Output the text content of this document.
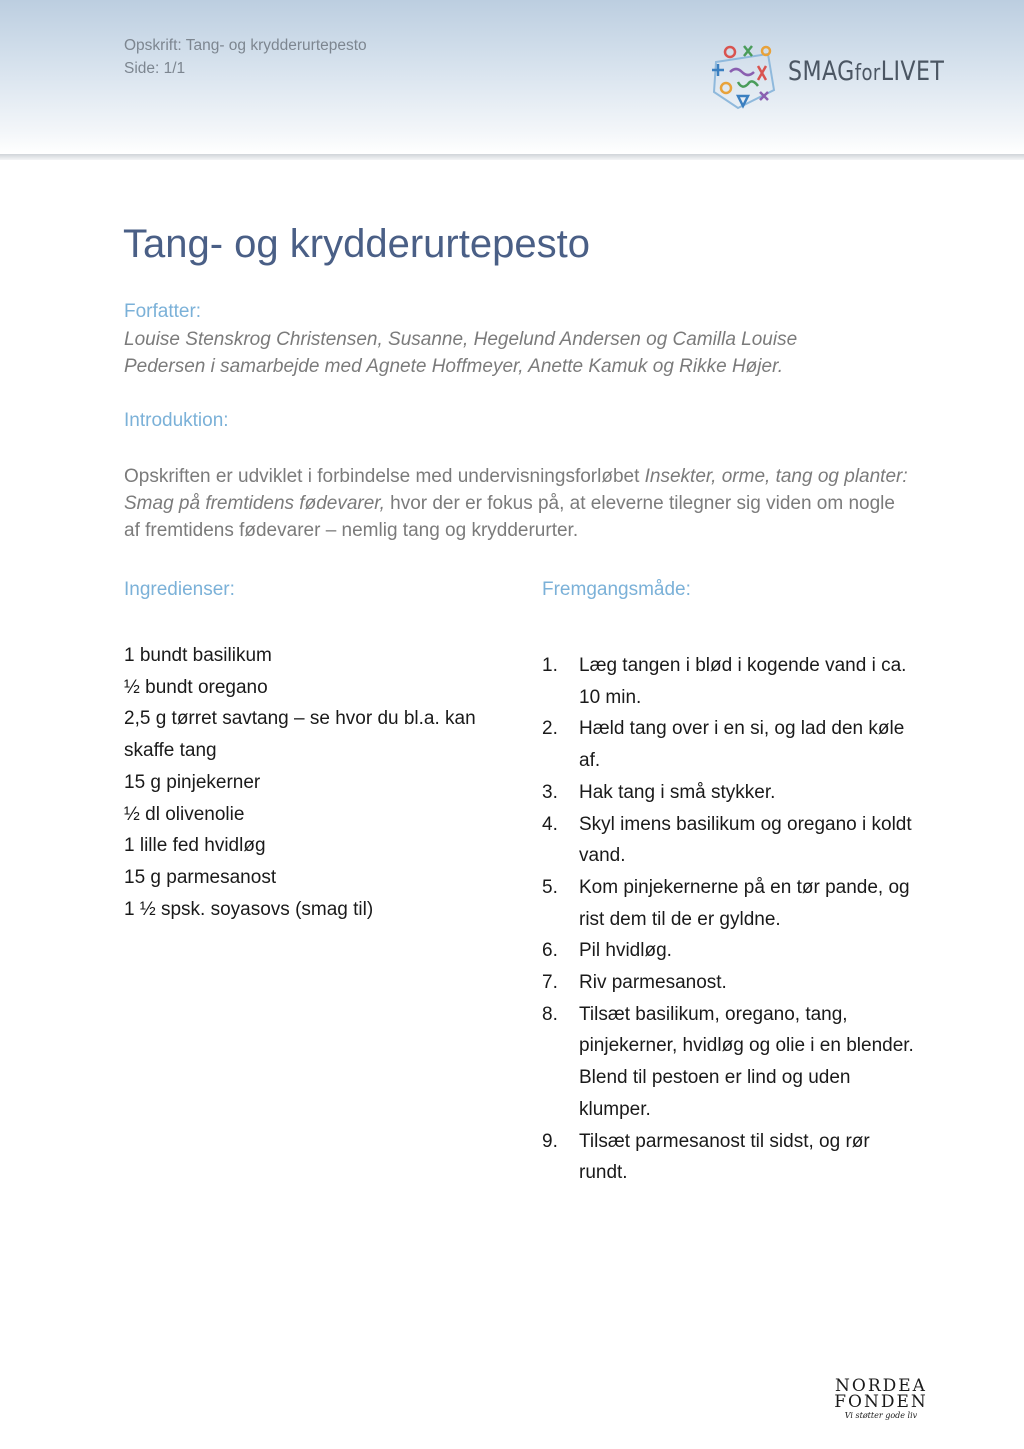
Opskrift: Tang- og krydderurtepesto
Side: 1/1	SMAGforLIVET
Tang- og krydderurtepesto
Forfatter:
Louise Stenskrog Christensen, Susanne, Hegelund Andersen og Camilla Louise Pedersen i samarbejde med Agnete Hoffmeyer, Anette Kamuk og Rikke Højer.
Introduktion:
Opskriften er udviklet i forbindelse med undervisningsforløbet Insekter, orme, tang og planter: Smag på fremtidens fødevarer, hvor der er fokus på, at eleverne tilegner sig viden om nogle af fremtidens fødevarer – nemlig tang og krydderurter.
Ingredienser:
1 bundt basilikum
½ bundt oregano
2,5 g tørret savtang – se hvor du bl.a. kan skaffe tang
15 g pinjekerner
½ dl olivenolie
1 lille fed hvidløg
15 g parmesanost
1 ½ spsk. soyasovs (smag til)
Fremgangsmåde:
1.	Læg tangen i blød i kogende vand i ca. 10 min.
2.	Hæld tang over i en si, og lad den køle af.
3.	Hak tang i små stykker.
4.	Skyl imens basilikum og oregano i koldt vand.
5.	Kom pinjekernerne på en tør pande, og rist dem til de er gyldne.
6.	Pil hvidløg.
7.	Riv parmesanost.
8.	Tilsæt basilikum, oregano, tang, pinjekerner, hvidløg og olie i en blender. Blend til pestoen er lind og uden klumper.
9.	Tilsæt parmesanost til sidst, og rør rundt.
NORDEA
FONDEN
Vi støtter gode liv
